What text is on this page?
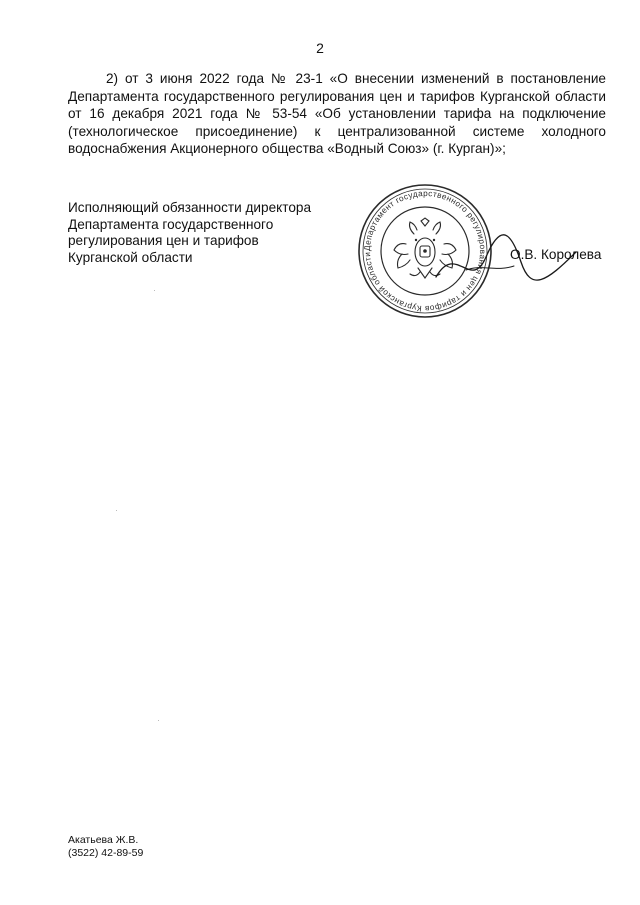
2

2) от 3 июня 2022 года № 23-1 «О внесении изменений в постановление Департамента государственного регулирования цен и тарифов Курганской области от 16 декабря 2021 года № 53-54 «Об установлении тарифа на подключение (технологическое присоединение) к централизованной системе холодного водоснабжения Акционерного общества «Водный Союз» (г. Курган)»;

Исполняющий обязанности директора
Департамента государственного
регулирования цен и тарифов
Курганской области
Департамент государственного регулирования цен и тарифов Курганской области	О.В. Королева
Акатьева Ж.В.
(3522) 42-89-59
